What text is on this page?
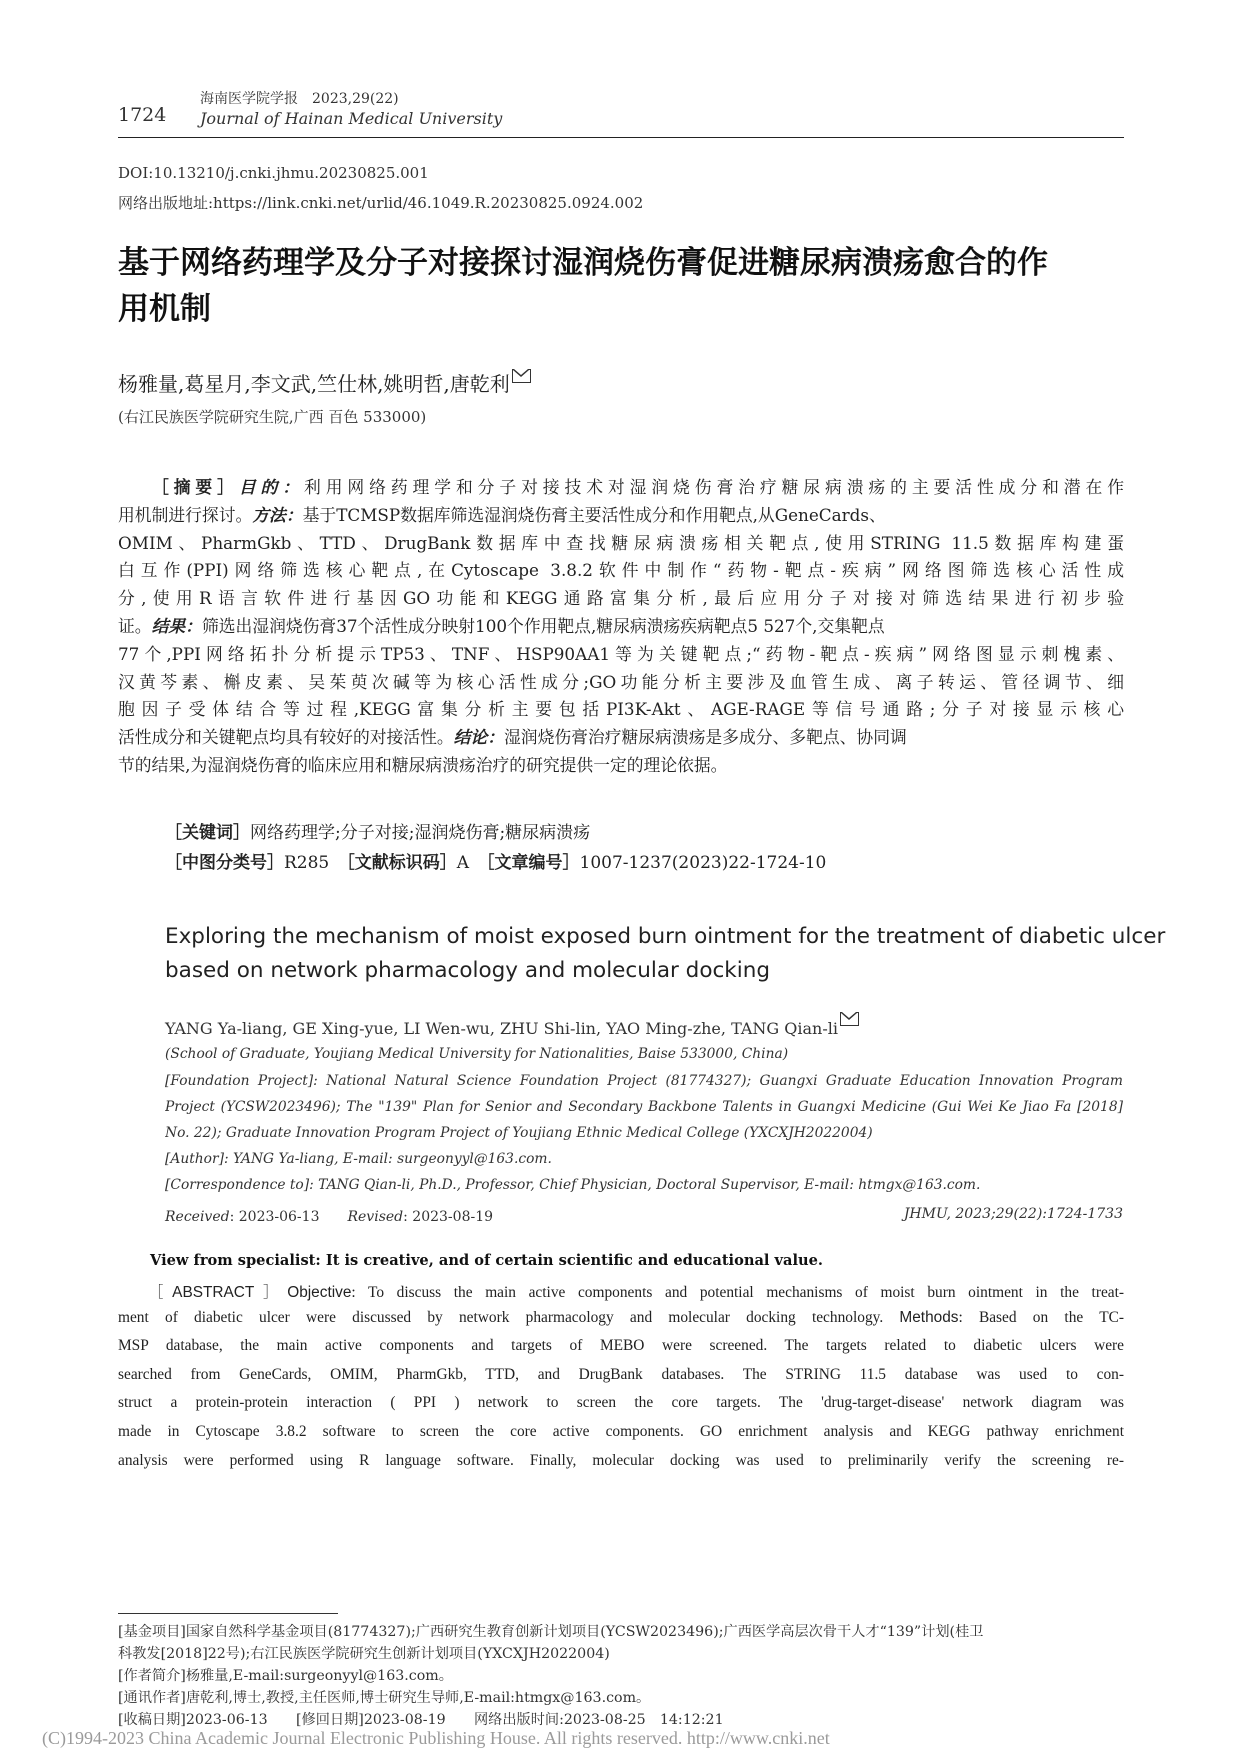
1724
海南医学院学报　2023,29(22)
Journal of Hainan Medical University
DOI:10.13210/j.cnki.jhmu.20230825.001
网络出版地址:https://link.cnki.net/urlid/46.1049.R.20230825.0924.002
基于网络药理学及分子对接探讨湿润烧伤膏促进糖尿病溃疡愈合的作
用机制
杨雅量,葛星月,李文武,竺仕林,姚明哲,唐乾利
(右江民族医学院研究生院,广西 百色 533000)
［摘要］目的：利用网络药理学和分子对接技术对湿润烧伤膏治疗糖尿病溃疡的主要活性成分和潜在作
用机制进行探讨。方法：基于TCMSP数据库筛选湿润烧伤膏主要活性成分和作用靶点,从GeneCards、
OMIM、PharmGkb、TTD、DrugBank数据库中查找糖尿病溃疡相关靶点,使用STRING 11.5数据库构建蛋
白互作(PPI)网络筛选核心靶点,在Cytoscape 3.8.2软件中制作“药物-靶点-疾病”网络图筛选核心活性成
分,使用R语言软件进行基因GO功能和KEGG通路富集分析,最后应用分子对接对筛选结果进行初步验
证。结果：筛选出湿润烧伤膏37个活性成分映射100个作用靶点,糖尿病溃疡疾病靶点5 527个,交集靶点
77个,PPI网络拓扑分析提示TP53、TNF、HSP90AA1等为关键靶点;“药物-靶点-疾病”网络图显示刺槐素、
汉黄芩素、槲皮素、吴茱萸次碱等为核心活性成分;GO功能分析主要涉及血管生成、离子转运、管径调节、细
胞因子受体结合等过程,KEGG富集分析主要包括PI3K-Akt、AGE-RAGE等信号通路;分子对接显示核心
活性成分和关键靶点均具有较好的对接活性。结论：湿润烧伤膏治疗糖尿病溃疡是多成分、多靶点、协同调
节的结果,为湿润烧伤膏的临床应用和糖尿病溃疡治疗的研究提供一定的理论依据。
［关键词］网络药理学;分子对接;湿润烧伤膏;糖尿病溃疡
［中图分类号］R285　 ［文献标识码］A　 ［文章编号］1007-1237(2023)22-1724-10
Exploring the mechanism of moist exposed burn ointment for the treatment of diabetic ulcer
based on network pharmacology and molecular docking
YANG Ya-liang, GE Xing-yue, LI Wen-wu, ZHU Shi-lin, YAO Ming-zhe, TANG Qian-li
(School of Graduate, Youjiang Medical University for Nationalities, Baise 533000, China)
[Foundation Project]: National Natural Science Foundation Project (81774327); Guangxi Graduate Education Innovation Program
Project (YCSW2023496); The "139" Plan for Senior and Secondary Backbone Talents in Guangxi Medicine (Gui Wei Ke Jiao Fa [2018]
No. 22); Graduate Innovation Program Project of Youjiang Ethnic Medical College (YXCXJH2022004)
[Author]: YANG Ya-liang, E-mail: surgeonyyl@163.com.
[Correspondence to]: TANG Qian-li, Ph.D., Professor, Chief Physician, Doctoral Supervisor, E-mail: htmgx@163.com.
Received: 2023-06-13　　 Revised: 2023-08-19	JHMU, 2023;29(22):1724-1733
View from specialist: It is creative, and of certain scientific and educational value.
［ABSTRACT］Objective: To discuss the main active components and potential mechanisms of moist burn ointment in the treat-
ment of diabetic ulcer were discussed by network pharmacology and molecular docking technology. Methods: Based on the TC-
MSP database, the main active components and targets of MEBO were screened. The targets related to diabetic ulcers were
searched from GeneCards, OMIM, PharmGkb, TTD, and DrugBank databases. The STRING 11.5 database was used to con-
struct a protein-protein interaction ( PPI ) network to screen the core targets. The 'drug-target-disease' network diagram was
made in Cytoscape 3.8.2 software to screen the core active components. GO enrichment analysis and KEGG pathway enrichment
analysis were performed using R language software. Finally, molecular docking was used to preliminarily verify the screening re-
[基金项目]国家自然科学基金项目(81774327);广西研究生教育创新计划项目(YCSW2023496);广西医学高层次骨干人才“139”计划(桂卫
科教发[2018]22号);右江民族医学院研究生创新计划项目(YXCXJH2022004)
[作者简介]杨雅量,E-mail:surgeonyyl@163.com。
[通讯作者]唐乾利,博士,教授,主任医师,博士研究生导师,E-mail:htmgx@163.com。
(C)1994-2023 China Academic Journal Electronic Publishing House. All rights reserved. http://www.cnki.net
[收稿日期]2023-06-13　　[修回日期]2023-08-19　　网络出版时间:2023-08-25　14:12:21
